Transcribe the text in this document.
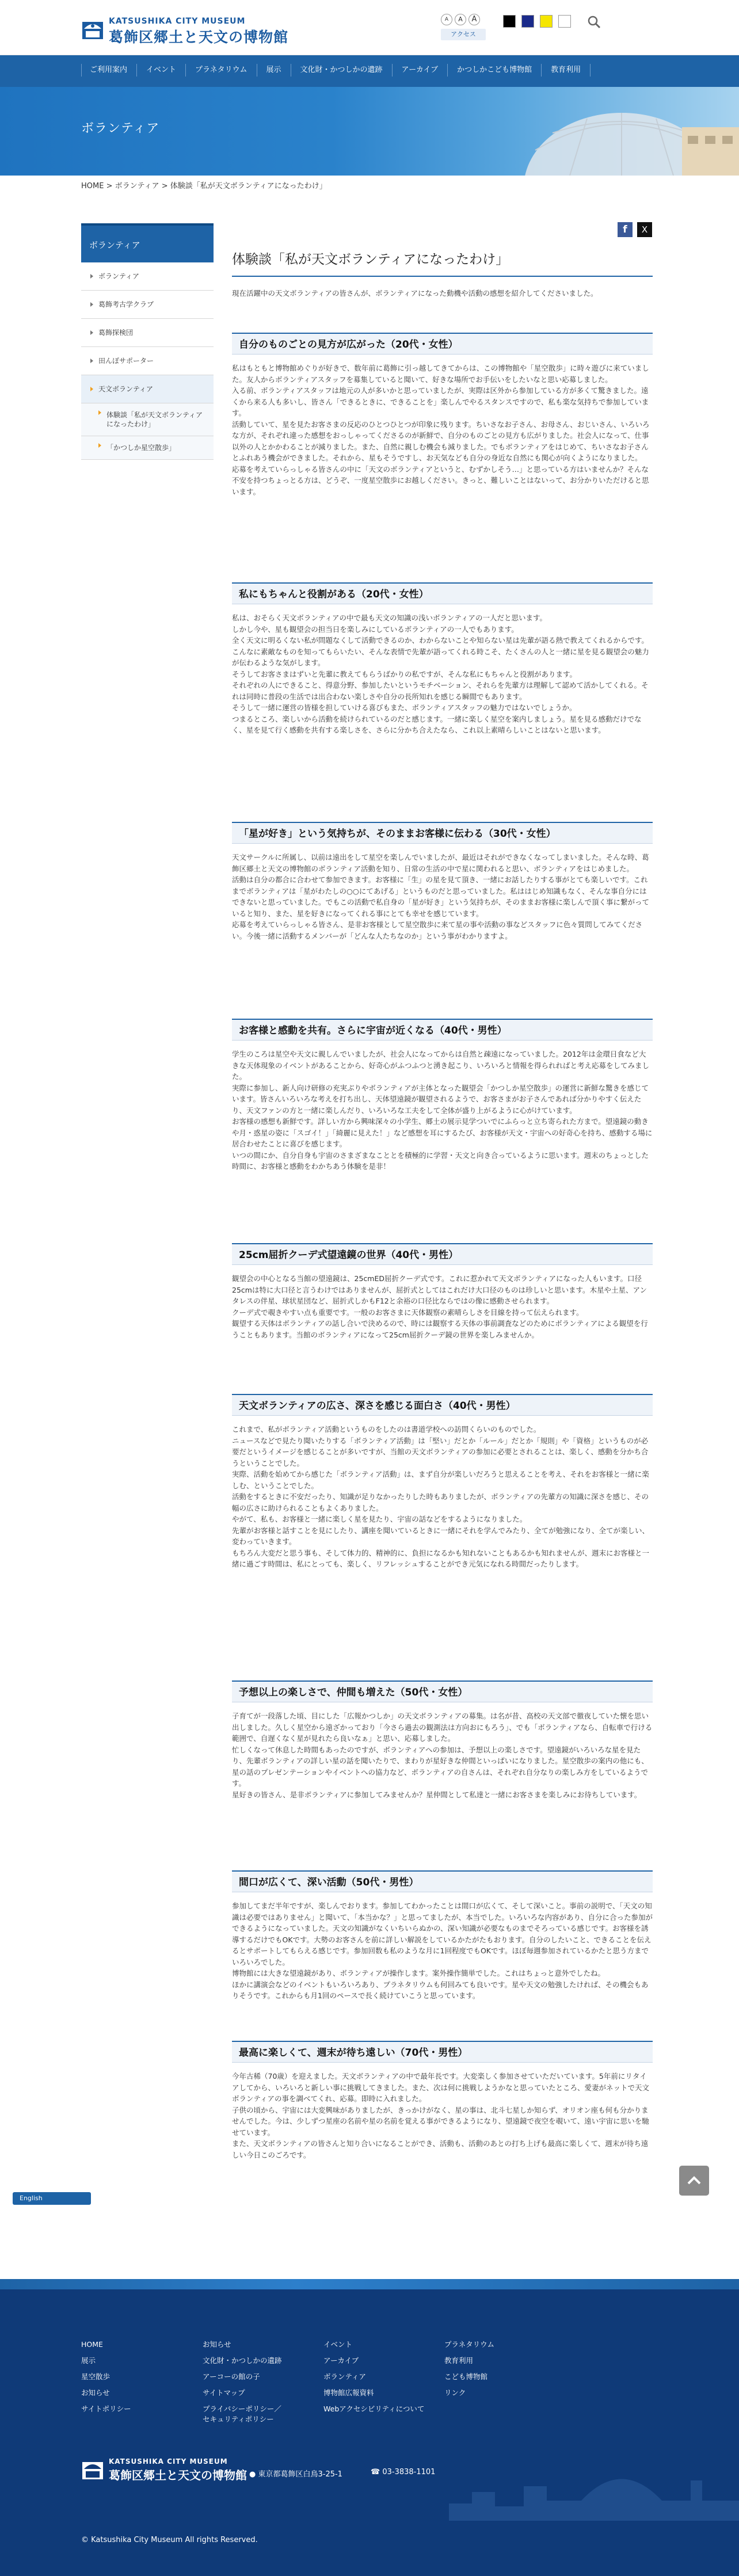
KATSUSHIKA CITY MUSEUM
葛飾区郷土と天文の博物館
A	A	A
アクセス
ご利用案内	イベント	プラネタリウム	展示	文化財・かつしかの遺跡	アーカイブ	かつしかこども博物館	教育利用
ボランティア
HOME > ボランティア > 体験談「私が天文ボランティアになったわけ」
ボランティア
ボランティア
葛飾考古学クラブ
葛飾探検団
田んぼサポーター
天文ボランティア
体験談「私が天文ボランティアになったわけ」
「かつしか星空散歩」
f	X
体験談「私が天文ボランティアになったわけ」

現在活躍中の天文ボランティアの皆さんが、ボランティアになった動機や活動の感想を紹介してくださいました。

自分のものごとの見方が広がった（20代・女性）

私はもともと博物館めぐりが好きで、数年前に葛飾に引っ越してきてからは、この博物館や「星空散歩」に時々遊びに来ていました。友人からボランティアスタッフを募集していると聞いて、好きな場所でお手伝いをしたいなと思い応募しました。
入る前、ボランティアスタッフは地元の人が多いかと思っていましたが、実際は区外から参加している方が多くて驚きました。遠くから来る人も多いし、皆さん「できるときに、できることを」楽しんでやるスタンスですので、私も楽な気持ちで参加しています。
活動していて、星を見たお客さまの反応のひとつひとつが印象に残ります。ちいさなお子さん、お母さん、おじいさん、いろいろな方が、それぞれ違った感想をおっしゃってくださるのが新鮮で、自分のものごとの見方も広がりました。社会人になって、仕事以外の人とかかわることが減りました。また、自然に親しむ機会も減りました。でもボランティアをはじめて、ちいさなお子さんとふれあう機会ができました。それから、星もそうですし、お天気なども自分の身近な自然にも関心が向くようになりました。
応募を考えていらっしゃる皆さんの中に「天文のボランティアというと、むずかしそう…」と思っている方はいませんか？そんな不安を持つちょっとる方は、どうぞ、一度星空散歩にお越しください。きっと、難しいことはないって、お分かりいただけると思います。

私にもちゃんと役割がある（20代・女性）

私は、おそらく天文ボランティアの中で最も天文の知識の浅いボランティアの一人だと思います。
しかし今や、星も観望会の担当日を楽しみにしているボランティアの一人でもあります。
全く天文に明るくない私が問題なくして活動できるのか、わからないことや知らない星は先輩が語る熱で教えてくれるからです。こんなに素敵なものを知ってもらいたい、そんな表情で先輩が語ってくれる時こそ、たくさんの人と一緒に星を見る観望会の魅力が伝わるような気がします。
そうしてお客さまはずいと先輩に教えてもらうばかりの私ですが、そんな私にもちゃんと役割があります。
それぞれの人にできること、得意分野、参加したいというモチベーション、それらを先輩方は理解して認めて活かしてくれる。それは同時に普段の生活では出合わない楽しさや自分の長所知れを感じる瞬間でもあります。
そうして一緒に運営の皆様を担していける喜びもまた、ボランティアスタッフの魅力ではないでしょうか。
つまるところ、楽しいから活動を続けられているのだと感じます。一緒に楽しく星空を案内しましょう。星を見る感動だけでなく、星を見て行く感動を共有する楽しさを、さらに分かち合えたなら、これ以上素晴らしいことはないと思います。

「星が好き」という気持ちが、そのままお客様に伝わる（30代・女性）

天文サークルに所属し、以前は遠出をして星空を楽しんでいましたが、最近はそれができなくなってしまいました。そんな時、葛飾区郷土と天文の博物館のボランティア活動を知り、日常の生活の中で星に関われると思い、ボランティアをはじめました。
活動は自分の都合に合わせて参加できます。お客様に「生」の星を見て頂き、一緒にお話したりする事がとても楽しいです。これまでボランティアは「星がわたしの○○にてあげる」というものだと思っていました。私ははじめ知識もなく、そんな事自分にはできないと思っていました。でもこの活動で私自身の「星が好き」という気持ちが、そのままお客様に楽しんで頂く事に繋がっていると知り、また、星を好きになってくれる事にとても幸せを感じています。
応募を考えていらっしゃる皆さん、是非お客様として星空散歩に来て星の事や活動の事などスタッフに色々質問してみてください。今後一緒に活動するメンバーが「どんな人たちなのか」という事がわかりますよ。

お客様と感動を共有。さらに宇宙が近くなる（40代・男性）

学生のころは星空や天文に親しんでいましたが、社会人になってからは自然と疎遠になっていました。2012年は金環日食など大きな天体現象のイベントがあることから、好奇心がふつふつと湧き起こり、いろいろと情報を得られればと考え応募をしてみました。
実際に参加し、新人向け研修の充実ぶりやボランティアが主体となった観望会「かつしか星空散歩」の運営に新鮮な驚きを感じています。皆さんいろいろな考えを打ち出し、天体望遠鏡が観望されるようで、お客さまがお子さんであれば分かりやすく伝えたり、天文ファンの方と一緒に楽しんだり、いろいろな工夫をして全体が盛り上がるように心がけています。
お客様の感想も新鮮です。詳しい方から興味深々の小学生、郷土の展示見学ついでにふらっと立ち寄られた方まで。望遠鏡の動きや月・惑星の姿に「スゴイ！」「綺麗に見えた！」など感想を耳にするたび、お客様が天文・宇宙への好奇心を持ち、感動する場に居合わせたことに喜びを感じます。
いつの間にか、自分自身も宇宙のさまざまなこととを積極的に学習・天文と向き合っているように思います。週末のちょっとした時間に、お客様と感動をわかちあう体験を是非！

25cm屈折クーデ式望遠鏡の世界（40代・男性）

観望会の中心となる当館の望遠鏡は、25cmED屈折クーデ式です。これに惹かれて天文ボランティアになった人もいます。口径25cmは特に大口径と言うわけではありませんが、屈折式としてはこれだけ大口径のものは珍しいと思います。木星や土星、アンタレスの伴星、球状星団など、屈折式しかもF12と余裕の口径比ならではの像に感動させられます。
クーデ式で覗きやすい点も重要です。一般のお客さまに天体観察の素晴らしさを目線を持って伝えられます。
観望する天体はボランティアの話し合いで決めるので、時には観察する天体の事前調査などのためにボランティアによる観望を行うこともあります。当館のボランティアになって25cm屈折クーデ鏡の世界を楽しみませんか。

天文ボランティアの広さ、深さを感じる面白さ（40代・男性）

これまで、私がボランティア活動というものをしたのは書道学校への訪問くらいのものでした。
ニュースなどで見たり聞いたりする「ボランティア活動」は「堅い」だとか「ルール」だとか「規則」や「資格」というものが必要だというイメージを感じることが多いですが、当館の天文ボランティアの参加に必要とされることは、楽しく、感動を分かち合うということでした。
実際、活動を始めてから感じた「ボランティア活動」は、まず自分が楽しいだろうと思えることを考え、それをお客様と一緒に楽しむ、ということでした。
活動をするときに不安だったり、知識が足りなかったりした時もありましたが、ボランティアの先輩方の知識に深さを感じ、その幅の広さに助けられることもよくありました。
やがて、私も、お客様と一緒に楽しく星を見たり、宇宙の話などをするようになりました。
先輩がお客様と話すことを見にしたり、講座を聞いているときに一緒にそれを学んでみたり、全てが勉強になり、全てが楽しい、変わっていきます。
もちろん大変だと思う事も、そして体力的、精神的に、負担になるかも知れないこともあるかも知れませんが、週末にお客様と一緒に過ごす時間は、私にとっても、楽しく、リフレッシュすることができ元気になれる時間だったりします。

予想以上の楽しさで、仲間も増えた（50代・女性）

子育てが一段落した頃、目にした「広報かつしか」の天文ボランティアの募集。は名が昔、高校の天文部で徹夜していた懐を思い出しました。久しく星空から遠ざかっており「今さら過去の観測法は方向おにもろう」、でも「ボランティアなら、自転車で行ける範囲で、自遅くなく星が見れたら良いなぁ」と思い、応募しました。
忙しくなって休息した時間もあったのですが、ボランティアへの参加は、予想以上の楽しさです。望遠鏡がいろいろな星を見たり、先輩ボランティアの詳しい星の話を聞いたりで、まわりが星好きな仲間といっぱいになりました。星空散歩の案内の他にも、星の話のプレゼンテーションやイベントへの協力など、ボランティアの自さんは、それぞれ自分なりの楽しみ方をしているようです。
星好きの皆さん、是非ボランティアに参加してみませんか？星仲間として私達と一緒にお客さまを楽しみにお待ちしています。

間口が広くて、深い活動（50代・男性）

参加してまだ半年ですが、楽しんでおります。参加してわかったことは間口が広くて、そして深いこと。事前の説明で、「天文の知識は必要ではありません」と聞いて、「本当かな？」と思ってましたが、本当でした。いろいろな内容があり、自分に合った参加ができるようになっていました。天文の知識がなくいちいらぬかの、深い知識が必要なものまでそろっている感じです。お客様を誘導するだけでもOKです。大勢のお客さんを前に詳しい解説をしているかたがたもおります。自分のしたいこと、できることを伝えるとサポートしてもらえる感じです。参加回数も私のような月に1回程度でもOKです。ほぼ毎週参加されているかたと思う方までいろいろでした。
博物館には大きな望遠鏡があり、ボランティアが操作します。案外操作簡単でした。これはちょっと意外でしたね。
ほかに講演会などのイベントもいろいろあり、プラネタリウムも何回みても良いです。星や天文の勉強したければ、その機会もありそうです。これからも月1回のペースで長く続けていこうと思っています。

最高に楽しくて、週末が待ち遠しい（70代・男性）

今年古稀（70歳）を迎えました。天文ボランティアの中で最年長です。大変楽しく参加させていただいています。5年前にリタイアしてから、いろいろと新しい事に挑戦してきました。また、次は何に挑戦しようかなと思っていたところ、愛妻がネットで天文ボランティアの事を調べてくれ、応募。即時に入れました。
子供の頃から、宇宙には大変興味がありましたが、きっかけがなく、星の事は、北斗七星しか知らず、オリオン座も何も分かりませんでした。今は、少しずつ星座の名前や星の名前を覚える事ができるようになり、望遠鏡で夜空を覗いて、遠い宇宙に思いを馳せています。
また、天文ボランティアの皆さんと知り合いになることができ、活動も、活動のあとの打ち上げも最高に楽しくて、週末が待ち遠しい今日このごろです。

English
HOME
展示
星空散歩
お知らせ
サイトポリシー
お知らせ
文化財・かつしかの遺跡
アーコーの館の子
サイトマップ
プライバシーポリシー／
セキュリティポリシー
イベント
アーカイブ
ボランティア
博物館広報資料
Webアクセシビリティについて
プラネタリウム
教育利用
こども博物館
リンク
KATSUSHIKA CITY MUSEUM
葛飾区郷土と天文の博物館 ● 東京都葛飾区白鳥3-25-1	☎ 03-3838-1101
© Katsushika City Museum All rights Reserved.
